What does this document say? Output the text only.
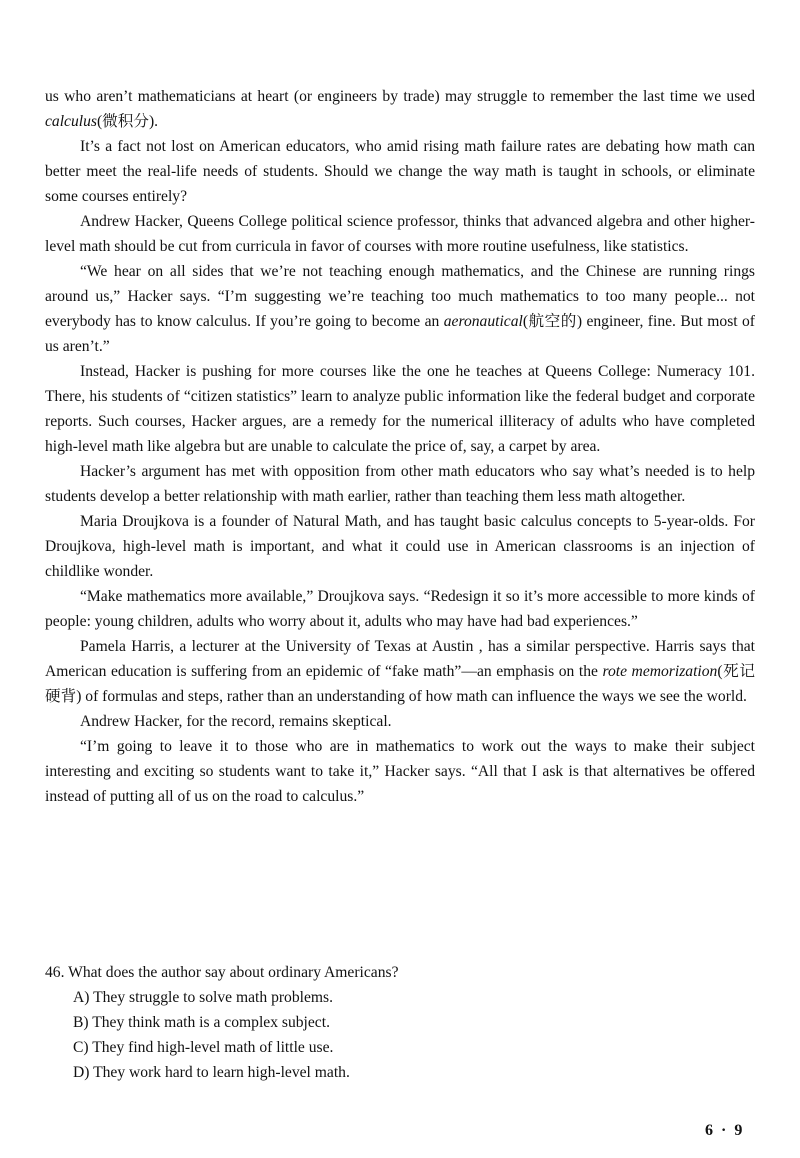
us who aren’t mathematicians at heart (or engineers by trade) may struggle to remember the last time we used calculus(微积分).

It’s a fact not lost on American educators, who amid rising math failure rates are debating how math can better meet the real-life needs of students. Should we change the way math is taught in schools, or eliminate some courses entirely?

Andrew Hacker, Queens College political science professor, thinks that advanced algebra and other higher-level math should be cut from curricula in favor of courses with more routine usefulness, like statistics.

“We hear on all sides that we’re not teaching enough mathematics, and the Chinese are running rings around us,” Hacker says. “I’m suggesting we’re teaching too much mathematics to too many people... not everybody has to know calculus. If you’re going to become an aeronautical(航空的) engineer, fine. But most of us aren’t.”

Instead, Hacker is pushing for more courses like the one he teaches at Queens College: Numeracy 101. There, his students of “citizen statistics” learn to analyze public information like the federal budget and corporate reports. Such courses, Hacker argues, are a remedy for the numerical illiteracy of adults who have completed high-level math like algebra but are unable to calculate the price of, say, a carpet by area.

Hacker’s argument has met with opposition from other math educators who say what’s needed is to help students develop a better relationship with math earlier, rather than teaching them less math altogether.

Maria Droujkova is a founder of Natural Math, and has taught basic calculus concepts to 5-year-olds. For Droujkova, high-level math is important, and what it could use in American classrooms is an injection of childlike wonder.

“Make mathematics more available,” Droujkova says. “Redesign it so it’s more accessible to more kinds of people: young children, adults who worry about it, adults who may have had bad experiences.”

Pamela Harris, a lecturer at the University of Texas at Austin , has a similar perspective. Harris says that American education is suffering from an epidemic of “fake math”—an emphasis on the rote memorization(死记硬背) of formulas and steps, rather than an understanding of how math can influence the ways we see the world.

Andrew Hacker, for the record, remains skeptical.

“I’m going to leave it to those who are in mathematics to work out the ways to make their subject interesting and exciting so students want to take it,” Hacker says. “All that I ask is that alternatives be offered instead of putting all of us on the road to calculus.”

46. What does the author say about ordinary Americans?

A) They struggle to solve math problems.
B) They think math is a complex subject.
C) They find high-level math of little use.
D) They work hard to learn high-level math.
6 · 9
